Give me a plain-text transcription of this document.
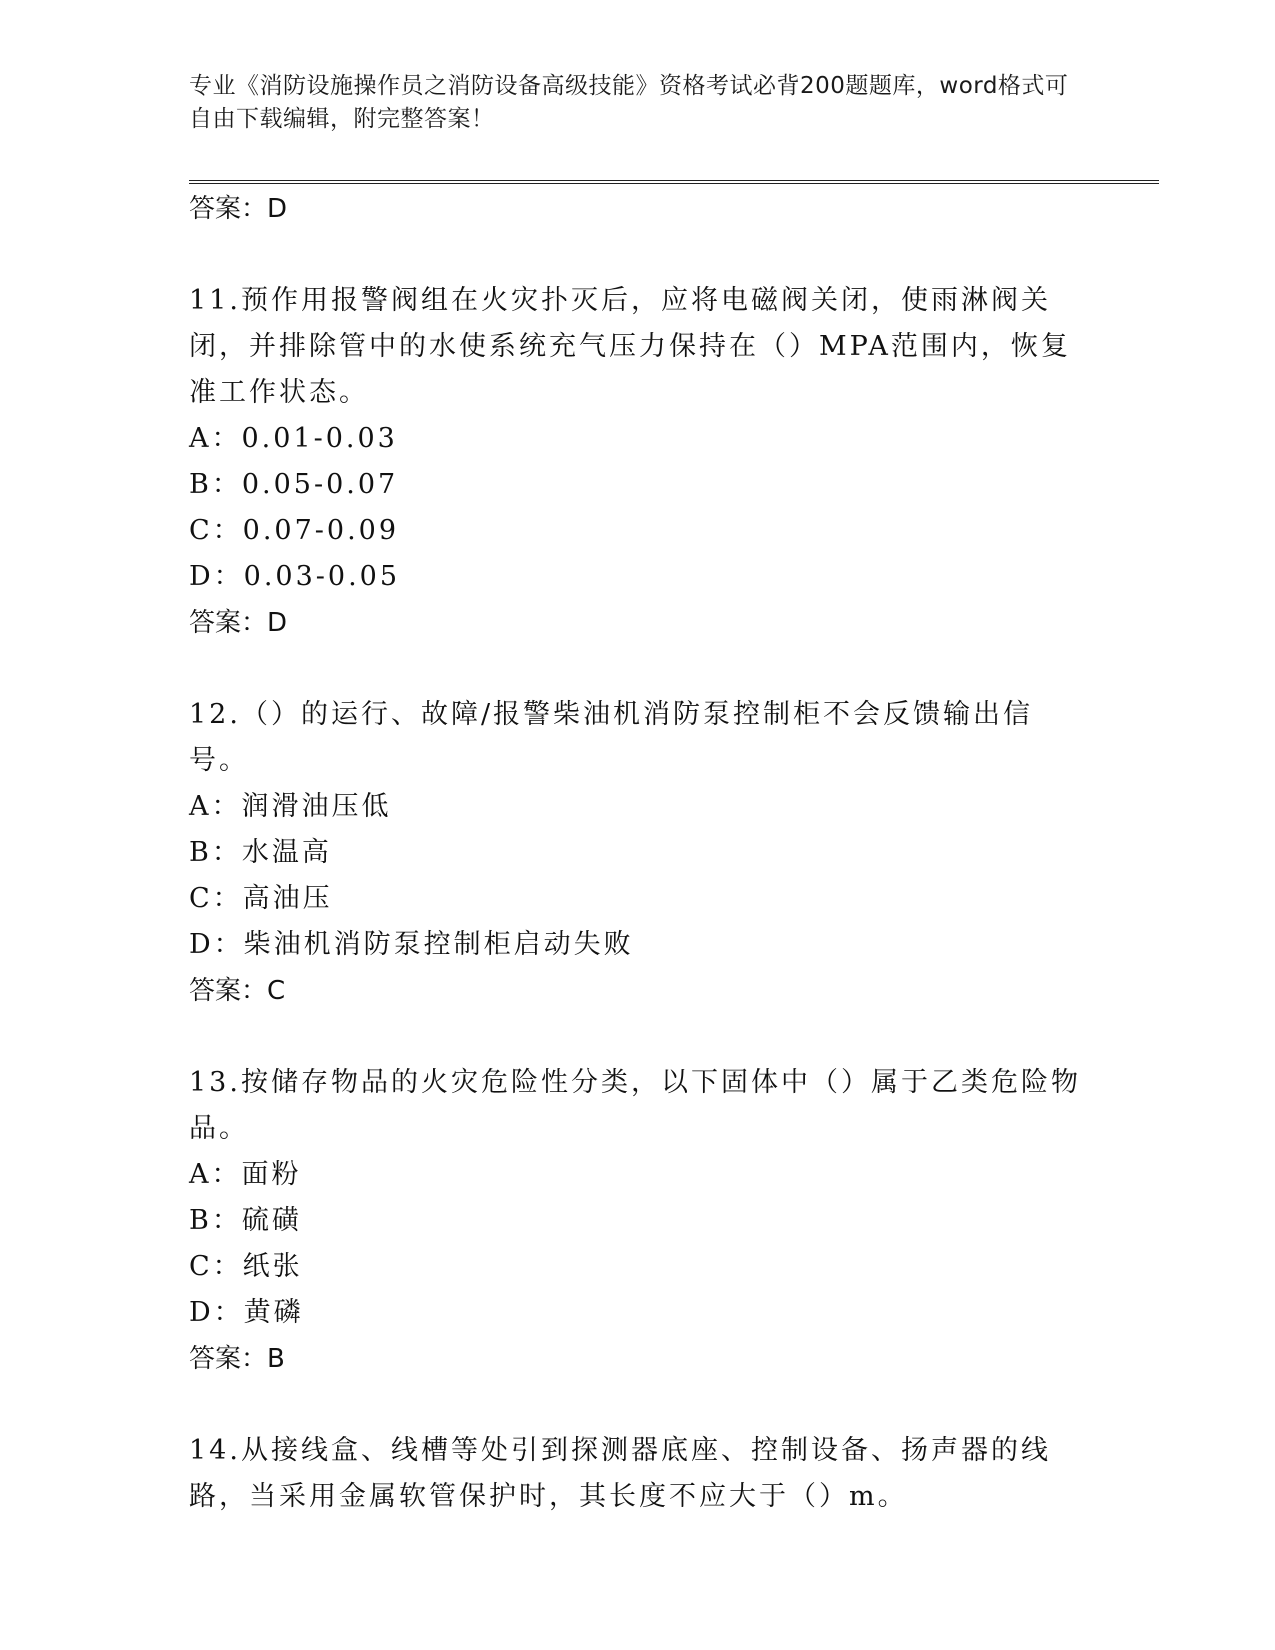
专业《消防设施操作员之消防设备高级技能》资格考试必背200题题库，word格式可自由下载编辑，附完整答案！
答案：D
11.预作用报警阀组在火灾扑灭后，应将电磁阀关闭，使雨淋阀关闭，并排除管中的水使系统充气压力保持在（）MPA范围内，恢复准工作状态。
A：0.01-0.03
B：0.05-0.07
C：0.07-0.09
D：0.03-0.05
答案：D
12.（）的运行、故障/报警柴油机消防泵控制柜不会反馈输出信号。
A：润滑油压低
B：水温高
C：高油压
D：柴油机消防泵控制柜启动失败
答案：C
13.按储存物品的火灾危险性分类，以下固体中（）属于乙类危险物品。
A：面粉
B：硫磺
C：纸张
D：黄磷
答案：B
14.从接线盒、线槽等处引到探测器底座、控制设备、扬声器的线路，当采用金属软管保护时，其长度不应大于（）m。
